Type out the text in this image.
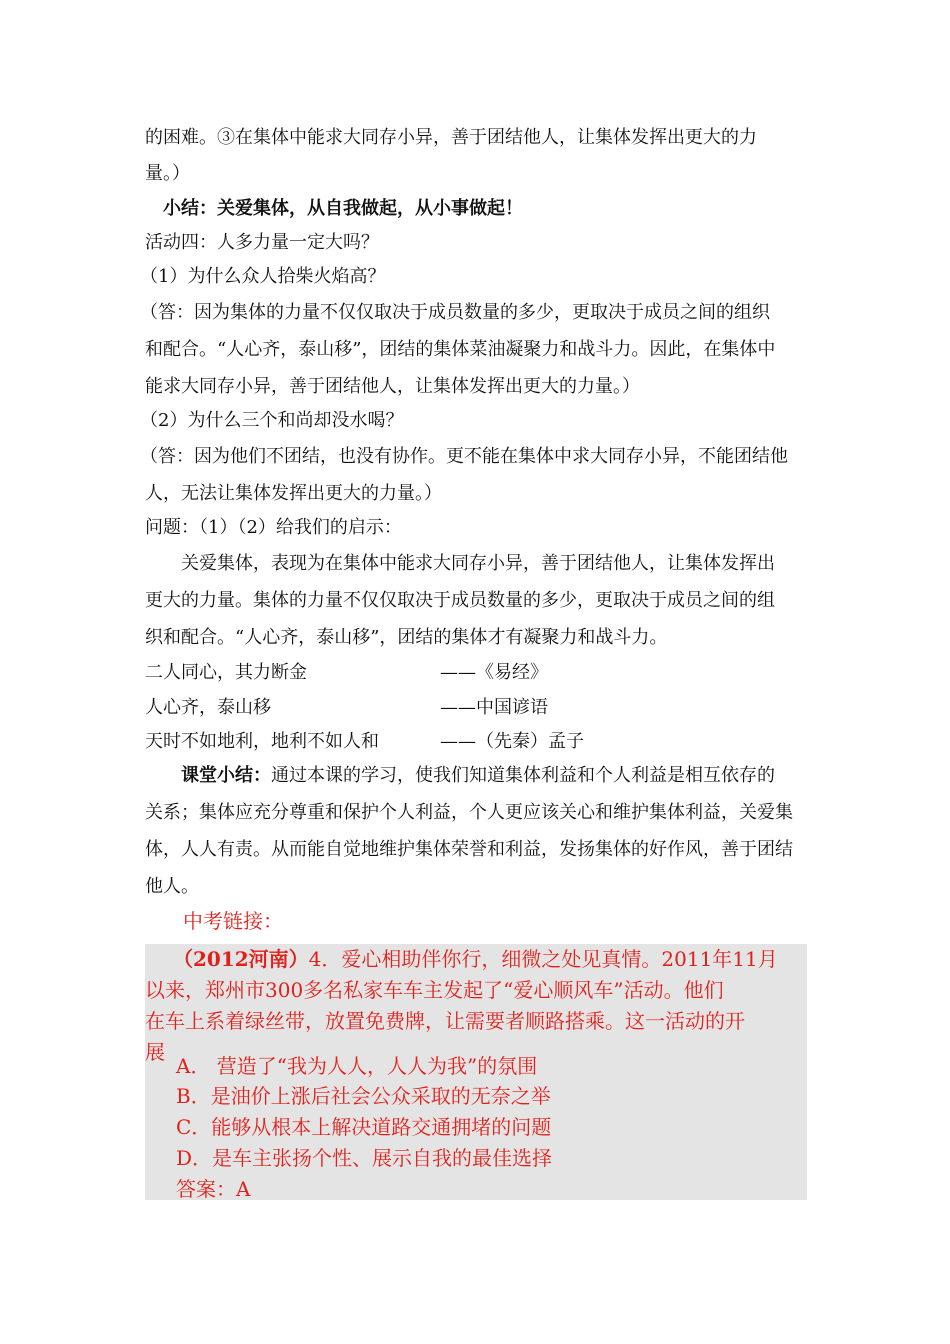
的困难。③在集体中能求大同存小异，善于团结他人，让集体发挥出更大的力
量。）
小结：关爱集体，从自我做起，从小事做起！
活动四：人多力量一定大吗？
（1）为什么众人拾柴火焰高？
（答：因为集体的力量不仅仅取决于成员数量的多少，更取决于成员之间的组织
和配合。“人心齐，泰山移”，团结的集体菜油凝聚力和战斗力。因此，在集体中
能求大同存小异，善于团结他人，让集体发挥出更大的力量。）
（2）为什么三个和尚却没水喝？
（答：因为他们不团结，也没有协作。更不能在集体中求大同存小异，不能团结他
人，无法让集体发挥出更大的力量。）
问题：（1）（2）给我们的启示：
关爱集体，表现为在集体中能求大同存小异，善于团结他人，让集体发挥出
更大的力量。集体的力量不仅仅取决于成员数量的多少，更取决于成员之间的组
织和配合。“人心齐，泰山移”，团结的集体才有凝聚力和战斗力。
二人同心，其力断金	——《易经》
人心齐，泰山移	——中国谚语
天时不如地利，地利不如人和	——（先秦）孟子
课堂小结：通过本课的学习，使我们知道集体利益和个人利益是相互依存的
关系；集体应充分尊重和保护个人利益，个人更应该关心和维护集体利益，关爱集
体，人人有责。从而能自觉地维护集体荣誉和利益，发扬集体的好作风，善于团结
他人。
中考链接：
（2012河南）4．爱心相助伴你行，细微之处见真情。2011年11月
以来，郑州市300多名私家车车主发起了“爱心顺风车”活动。他们
在车上系着绿丝带，放置免费牌，让需要者顺路搭乘。这一活动的开
展
A． 营造了“我为人人，人人为我”的氛围
B．是油价上涨后社会公众采取的无奈之举
C．能够从根本上解决道路交通拥堵的问题
D．是车主张扬个性、展示自我的最佳选择
答案：A
